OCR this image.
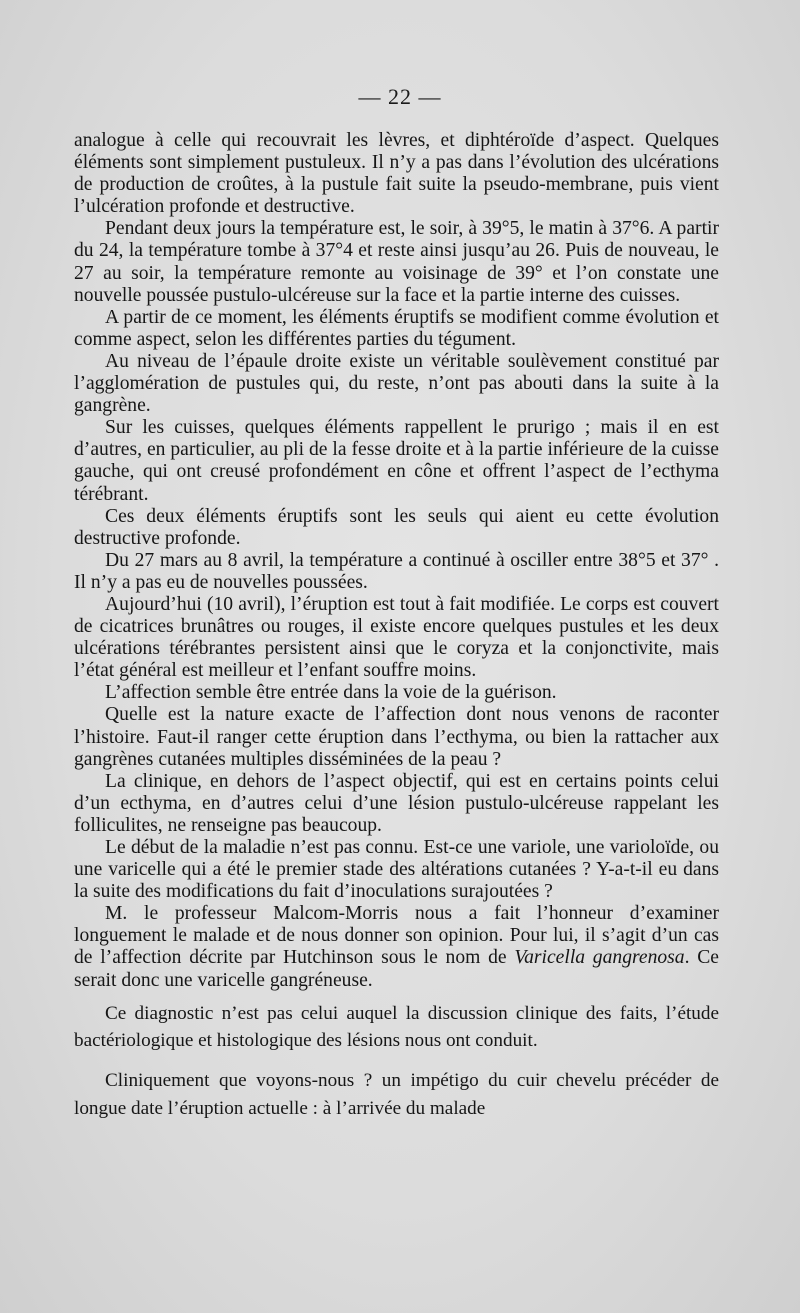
— 22 —

analogue à celle qui recouvrait les lèvres, et diphtéroïde d’aspect. Quelques éléments sont simplement pustuleux. Il n’y a pas dans l’évolution des ulcérations de production de croûtes, à la pustule fait suite la pseudo-membrane, puis vient l’ulcération profonde et destructive.

Pendant deux jours la température est, le soir, à 39°5, le matin à 37°6. A partir du 24, la température tombe à 37°4 et reste ainsi jusqu’au 26. Puis de nouveau, le 27 au soir, la température remonte au voisinage de 39° et l’on constate une nouvelle poussée pustulo-ulcéreuse sur la face et la partie interne des cuisses.

A partir de ce moment, les éléments éruptifs se modifient comme évolution et comme aspect, selon les différentes parties du tégument.

Au niveau de l’épaule droite existe un véritable soulèvement constitué par l’agglomération de pustules qui, du reste, n’ont pas abouti dans la suite à la gangrène.

Sur les cuisses, quelques éléments rappellent le prurigo ; mais il en est d’autres, en particulier, au pli de la fesse droite et à la partie inférieure de la cuisse gauche, qui ont creusé profondément en cône et offrent l’aspect de l’ecthyma térébrant.

Ces deux éléments éruptifs sont les seuls qui aient eu cette évolution destructive profonde.

Du 27 mars au 8 avril, la température a continué à osciller entre 38°5 et 37° . Il n’y a pas eu de nouvelles poussées.

Aujourd’hui (10 avril), l’éruption est tout à fait modifiée. Le corps est couvert de cicatrices brunâtres ou rouges, il existe encore quelques pustules et les deux ulcérations térébrantes persistent ainsi que le coryza et la conjonctivite, mais l’état général est meilleur et l’enfant souffre moins.

L’affection semble être entrée dans la voie de la guérison.

Quelle est la nature exacte de l’affection dont nous venons de raconter l’histoire. Faut-il ranger cette éruption dans l’ecthyma, ou bien la rattacher aux gangrènes cutanées multiples disséminées de la peau ?

La clinique, en dehors de l’aspect objectif, qui est en certains points celui d’un ecthyma, en d’autres celui d’une lésion pustulo-ulcéreuse rappelant les folliculites, ne renseigne pas beaucoup.

Le début de la maladie n’est pas connu. Est-ce une variole, une varioloïde, ou une varicelle qui a été le premier stade des altérations cutanées ? Y-a-t-il eu dans la suite des modifications du fait d’inoculations surajoutées ?

M. le professeur Malcom-Morris nous a fait l’honneur d’examiner longuement le malade et de nous donner son opinion. Pour lui, il s’agit d’un cas de l’affection décrite par Hutchinson sous le nom de Varicella gangrenosa. Ce serait donc une varicelle gangréneuse.

Ce diagnostic n’est pas celui auquel la discussion clinique des faits, l’étude bactériologique et histologique des lésions nous ont conduit.

Cliniquement que voyons-nous ? un impétigo du cuir chevelu précéder de longue date l’éruption actuelle : à l’arrivée du malade
